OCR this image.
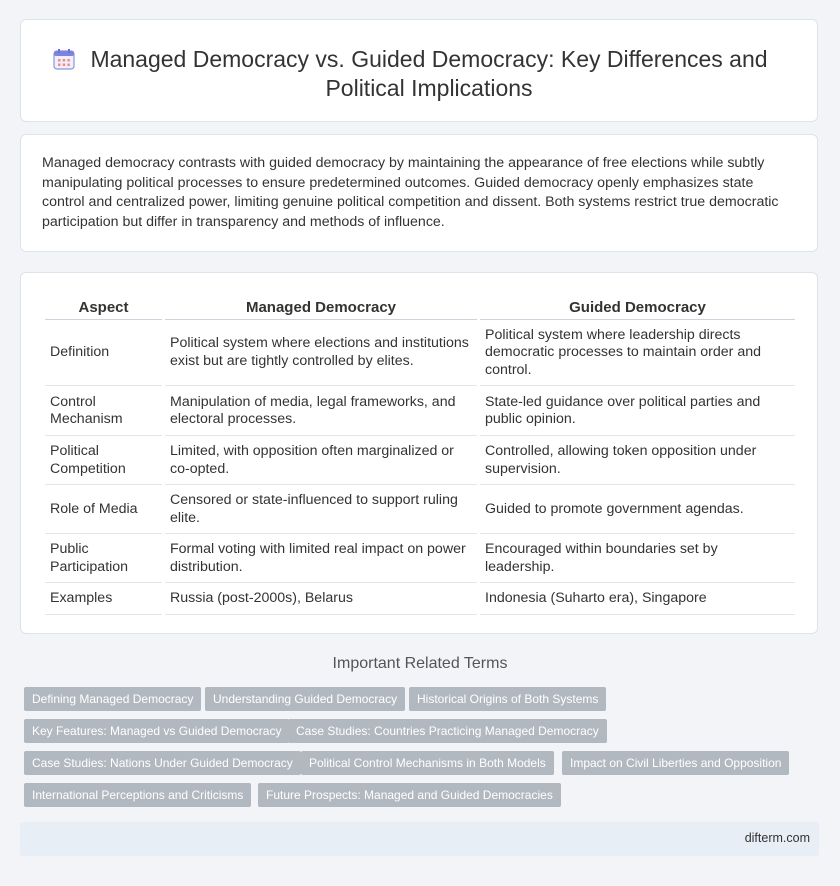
Managed Democracy vs. Guided Democracy: Key Differences and Political Implications

Managed democracy contrasts with guided democracy by maintaining the appearance of free elections while subtly manipulating political processes to ensure predetermined outcomes. Guided democracy openly emphasizes state control and centralized power, limiting genuine political competition and dissent. Both systems restrict true democratic participation but differ in transparency and methods of influence.

Aspect	Managed Democracy	Guided Democracy
Definition	Political system where elections and institutions exist but are tightly controlled by elites.	Political system where leadership directs democratic processes to maintain order and control.
Control Mechanism	Manipulation of media, legal frameworks, and electoral processes.	State-led guidance over political parties and public opinion.
Political Competition	Limited, with opposition often marginalized or co-opted.	Controlled, allowing token opposition under supervision.
Role of Media	Censored or state-influenced to support ruling elite.	Guided to promote government agendas.
Public Participation	Formal voting with limited real impact on power distribution.	Encouraged within boundaries set by leadership.
Examples	Russia (post-2000s), Belarus	Indonesia (Suharto era), Singapore
Important Related Terms
Defining Managed Democracy	Understanding Guided Democracy	Historical Origins of Both Systems
Key Features: Managed vs Guided Democracy	Case Studies: Countries Practicing Managed Democracy
Case Studies: Nations Under Guided Democracy	Political Control Mechanisms in Both Models	Impact on Civil Liberties and Opposition
International Perceptions and Criticisms	Future Prospects: Managed and Guided Democracies
difterm.com
